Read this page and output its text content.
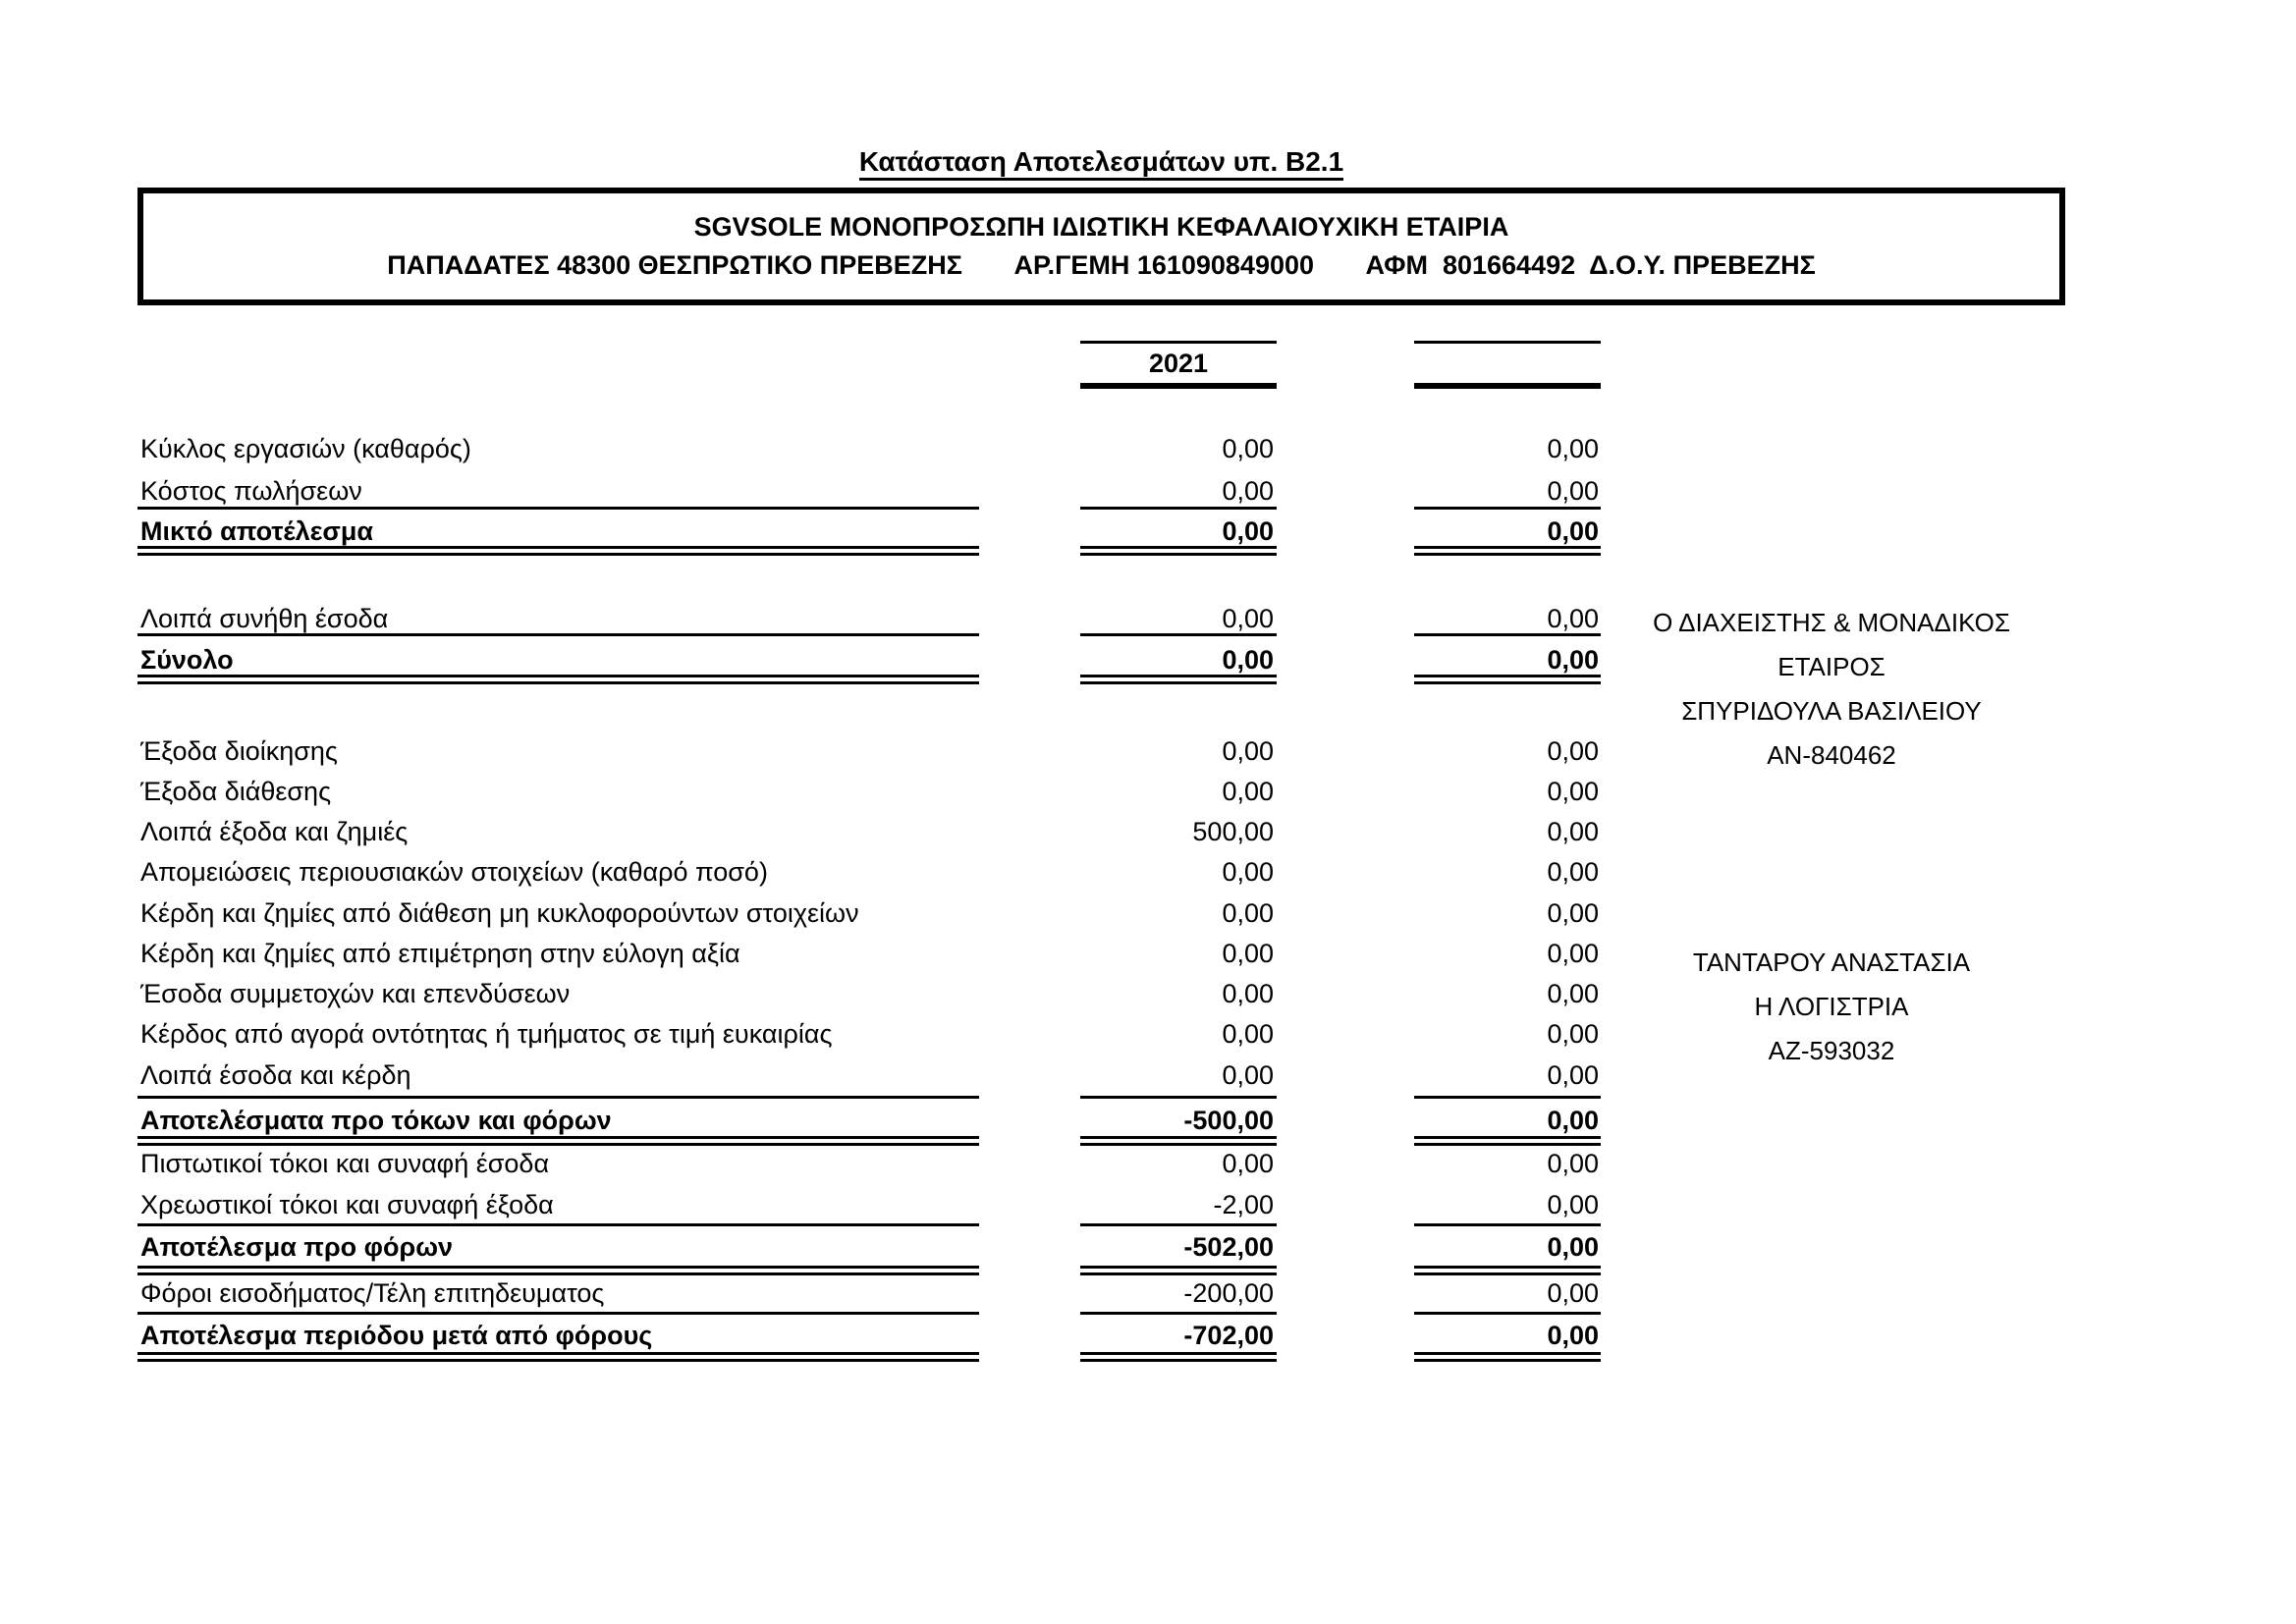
Κατάσταση Αποτελεσμάτων υπ. Β2.1
SGVSOLE ΜΟΝΟΠΡΟΣΩΠΗ ΙΔΙΩΤΙΚΗ ΚΕΦΑΛΑΙΟΥΧΙΚΗ ΕΤΑΙΡΙΑ
ΠΑΠΑΔΑΤΕΣ 48300 ΘΕΣΠΡΩΤΙΚΟ ΠΡΕΒΕΖΗΣ ΑΡ.ΓΕΜΗ 161090849000 ΑΦΜ  801664492  Δ.Ο.Υ. ΠΡΕΒΕΖΗΣ
2021
Κύκλος εργασιών (καθαρός)	0,00	0,00
Κόστος πωλήσεων	0,00	0,00
Μικτό αποτέλεσμα	0,00	0,00
Λοιπά συνήθη έσοδα	0,00	0,00
Σύνολο	0,00	0,00
Έξοδα διοίκησης	0,00	0,00
Έξοδα διάθεσης	0,00	0,00
Λοιπά έξοδα και ζημιές	500,00	0,00
Απομειώσεις περιουσιακών στοιχείων (καθαρό ποσό)	0,00	0,00
Κέρδη και ζημίες από διάθεση μη κυκλοφορούντων στοιχείων	0,00	0,00
Κέρδη και ζημίες από επιμέτρηση στην εύλογη αξία	0,00	0,00
Έσοδα συμμετοχών και επενδύσεων	0,00	0,00
Κέρδος από αγορά οντότητας ή τμήματος σε τιμή ευκαιρίας	0,00	0,00
Λοιπά έσοδα και κέρδη	0,00	0,00
Αποτελέσματα προ τόκων και φόρων	-500,00	0,00
Πιστωτικοί τόκοι και συναφή έσοδα	0,00	0,00
Χρεωστικοί τόκοι και συναφή έξοδα	-2,00	0,00
Αποτέλεσμα προ φόρων	-502,00	0,00
Φόροι εισοδήματος/Τέλη επιτηδευματος	-200,00	0,00
Αποτέλεσμα περιόδου μετά από φόρους	-702,00	0,00
Ο ΔΙΑΧΕΙΣΤΗΣ & ΜΟΝΑΔΙΚΟΣ
ΕΤΑΙΡΟΣ
ΣΠΥΡΙΔΟΥΛΑ ΒΑΣΙΛΕΙΟΥ
ΑΝ-840462
ΤΑΝΤΑΡΟΥ ΑΝΑΣΤΑΣΙΑ
Η ΛΟΓΙΣΤΡΙΑ
ΑΖ-593032
